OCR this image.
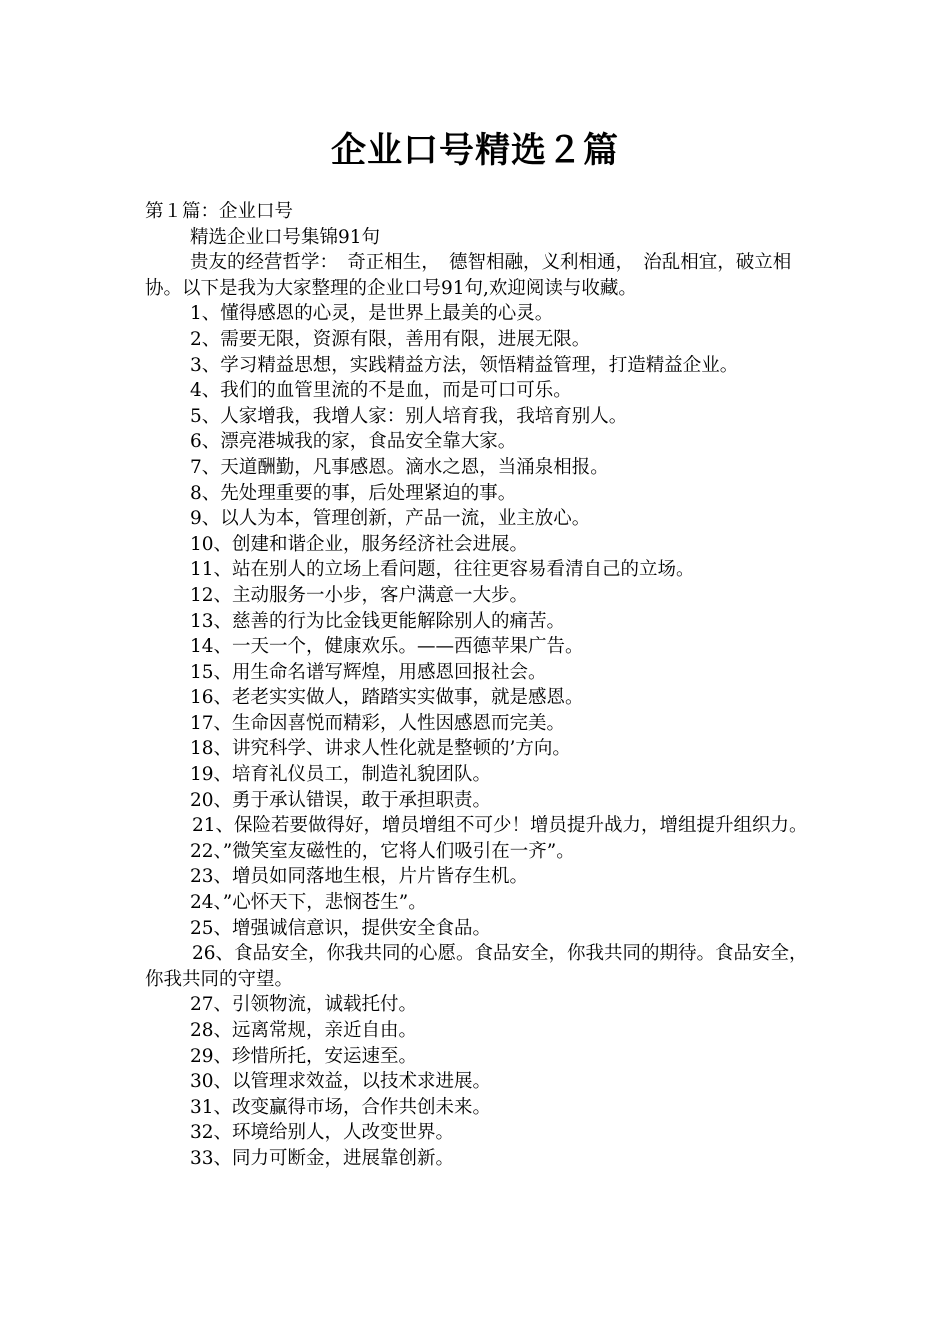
企业口号精选２篇

第１篇：企业口号

精选企业口号集锦91句

贵友的经营哲学：　奇正相生，　德智相融，义利相通，　治乱相宜，破立相协。以下是我为大家整理的企业口号91句,欢迎阅读与收藏。

1、懂得感恩的心灵，是世界上最美的心灵。

2、需要无限，资源有限，善用有限，进展无限。

3、学习精益思想，实践精益方法，领悟精益管理，打造精益企业。

4、我们的血管里流的不是血，而是可口可乐。

5、人家增我，我增人家：别人培育我，我培育别人。

6、漂亮港城我的家，食品安全靠大家。

7、天道酬勤，凡事感恩。滴水之恩，当涌泉相报。

8、先处理重要的事，后处理紧迫的事。

9、以人为本，管理创新，产品一流，业主放心。

10、创建和谐企业，服务经济社会进展。

11、站在别人的立场上看问题，往往更容易看清自己的立场。

12、主动服务一小步，客户满意一大步。

13、慈善的行为比金钱更能解除别人的痛苦。

14、一天一个，健康欢乐。——西德苹果广告。

15、用生命名谱写辉煌，用感恩回报社会。

16、老老实实做人，踏踏实实做事，就是感恩。

17、生命因喜悦而精彩，人性因感恩而完美。

18、讲究科学、讲求人性化就是整顿的’方向。

19、培育礼仪员工，制造礼貌团队。

20、勇于承认错误，敢于承担职责。

21、保险若要做得好，增员增组不可少！增员提升战力，增组提升组织力。

22、”微笑室友磁性的，它将人们吸引在一齐”。

23、增员如同落地生根，片片皆存生机。

24、”心怀天下，悲悯苍生”。

25、增强诚信意识，提供安全食品。

26、食品安全，你我共同的心愿。食品安全，你我共同的期待。食品安全，你我共同的守望。

27、引领物流，诚载托付。

28、远离常规，亲近自由。

29、珍惜所托，安运速至。

30、以管理求效益，以技术求进展。

31、改变赢得市场，合作共创未来。

32、环境给别人，人改变世界。

33、同力可断金，进展靠创新。
